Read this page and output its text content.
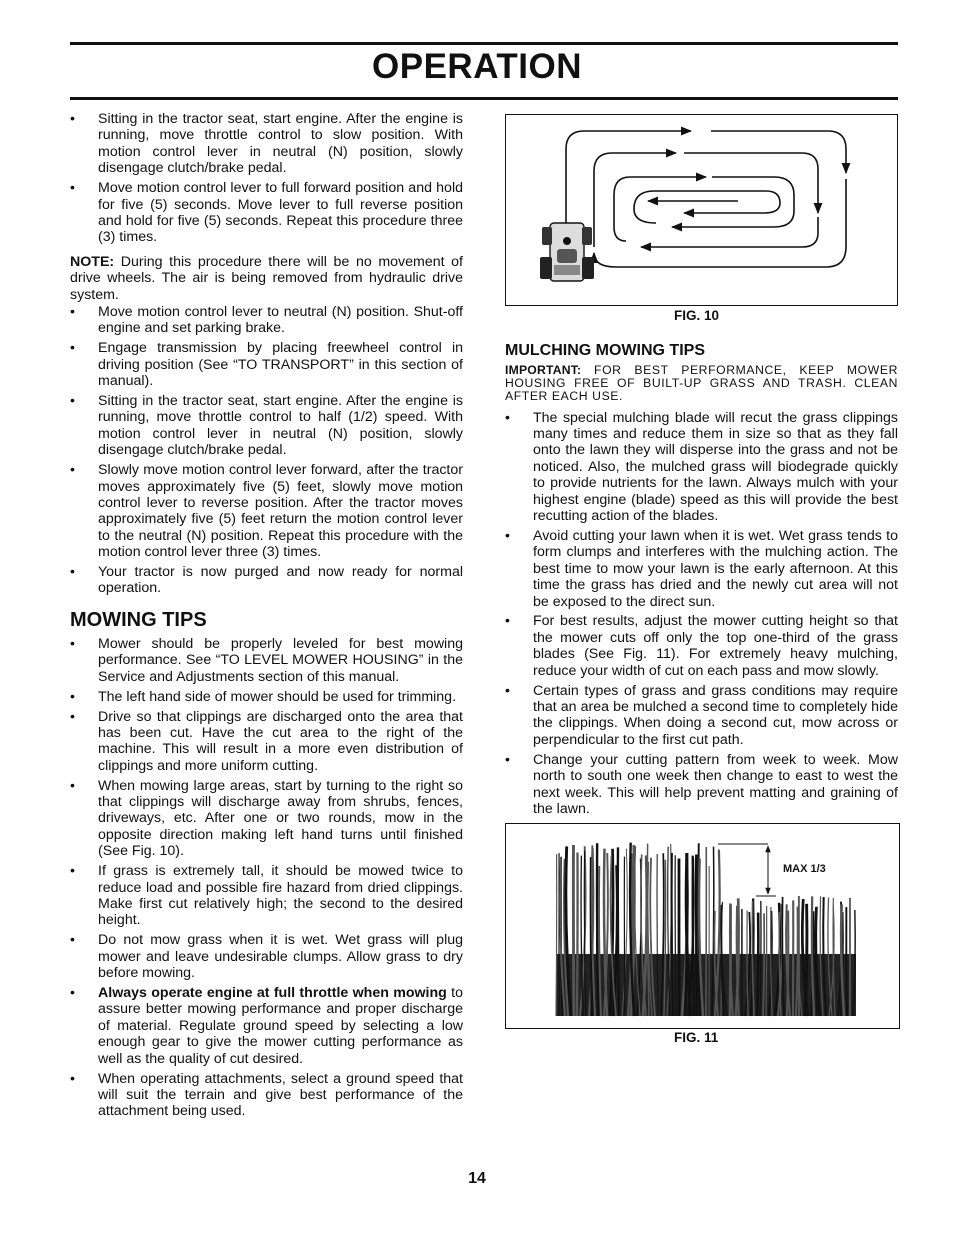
OPERATION
• Sitting in the tractor seat, start engine. After the engine is running, move throttle control to slow position. With motion control lever in neutral (N) position, slowly disengage clutch/brake pedal.
• Move motion control lever to full forward position and hold for five (5) seconds. Move lever to full reverse position and hold for five (5) seconds. Repeat this procedure three (3) times.

NOTE: During this procedure there will be no movement of drive wheels. The air is being removed from hydraulic drive system.

• Move motion control lever to neutral (N) position. Shut-off engine and set parking brake.
• Engage transmission by placing freewheel control in driving position (See “TO TRANSPORT” in this section of manual).
• Sitting in the tractor seat, start engine. After the engine is running, move throttle control to half (1/2) speed. With motion control lever in neutral (N) position, slowly disengage clutch/brake pedal.
• Slowly move motion control lever forward, after the tractor moves approximately five (5) feet, slowly move motion control lever to reverse position. After the tractor moves approximately five (5) feet return the motion control lever to the neutral (N) position. Repeat this procedure with the motion control lever three (3) times.
• Your tractor is now purged and now ready for normal operation.
MOWING TIPS
• Mower should be properly leveled for best mowing performance. See “TO LEVEL MOWER HOUSING” in the Service and Adjustments section of this manual.
• The left hand side of mower should be used for trimming.
• Drive so that clippings are discharged onto the area that has been cut. Have the cut area to the right of the machine. This will result in a more even distribution of clippings and more uniform cutting.
• When mowing large areas, start by turning to the right so that clippings will discharge away from shrubs, fences, driveways, etc. After one or two rounds, mow in the opposite direction making left hand turns until finished (See Fig. 10).
• If grass is extremely tall, it should be mowed twice to reduce load and possible fire hazard from dried clippings. Make first cut relatively high; the second to the desired height.
• Do not mow grass when it is wet. Wet grass will plug mower and leave undesirable clumps. Allow grass to dry before mowing.
• Always operate engine at full throttle when mowing to assure better mowing performance and proper discharge of material. Regulate ground speed by selecting a low enough gear to give the mower cutting performance as well as the quality of cut desired.
• When operating attachments, select a ground speed that will suit the terrain and give best performance of the attachment being used.
FIG. 10
MULCHING MOWING TIPS

IMPORTANT: FOR BEST PERFORMANCE, KEEP MOWER HOUSING FREE OF BUILT-UP GRASS AND TRASH. CLEAN AFTER EACH USE.

• The special mulching blade will recut the grass clippings many times and reduce them in size so that as they fall onto the lawn they will disperse into the grass and not be noticed. Also, the mulched grass will biodegrade quickly to provide nutrients for the lawn. Always mulch with your highest engine (blade) speed as this will provide the best recutting action of the blades.
• Avoid cutting your lawn when it is wet. Wet grass tends to form clumps and interferes with the mulching action. The best time to mow your lawn is the early afternoon. At this time the grass has dried and the newly cut area will not be exposed to the direct sun.
• For best results, adjust the mower cutting height so that the mower cuts off only the top one-third of the grass blades (See Fig. 11). For extremely heavy mulching, reduce your width of cut on each pass and mow slowly.
• Certain types of grass and grass conditions may require that an area be mulched a second time to completely hide the clippings. When doing a second cut, mow across or perpendicular to the first cut path.
• Change your cutting pattern from week to week. Mow north to south one week then change to east to west the next week. This will help prevent matting and graining of the lawn.
MAX 1/3
FIG. 11
14
